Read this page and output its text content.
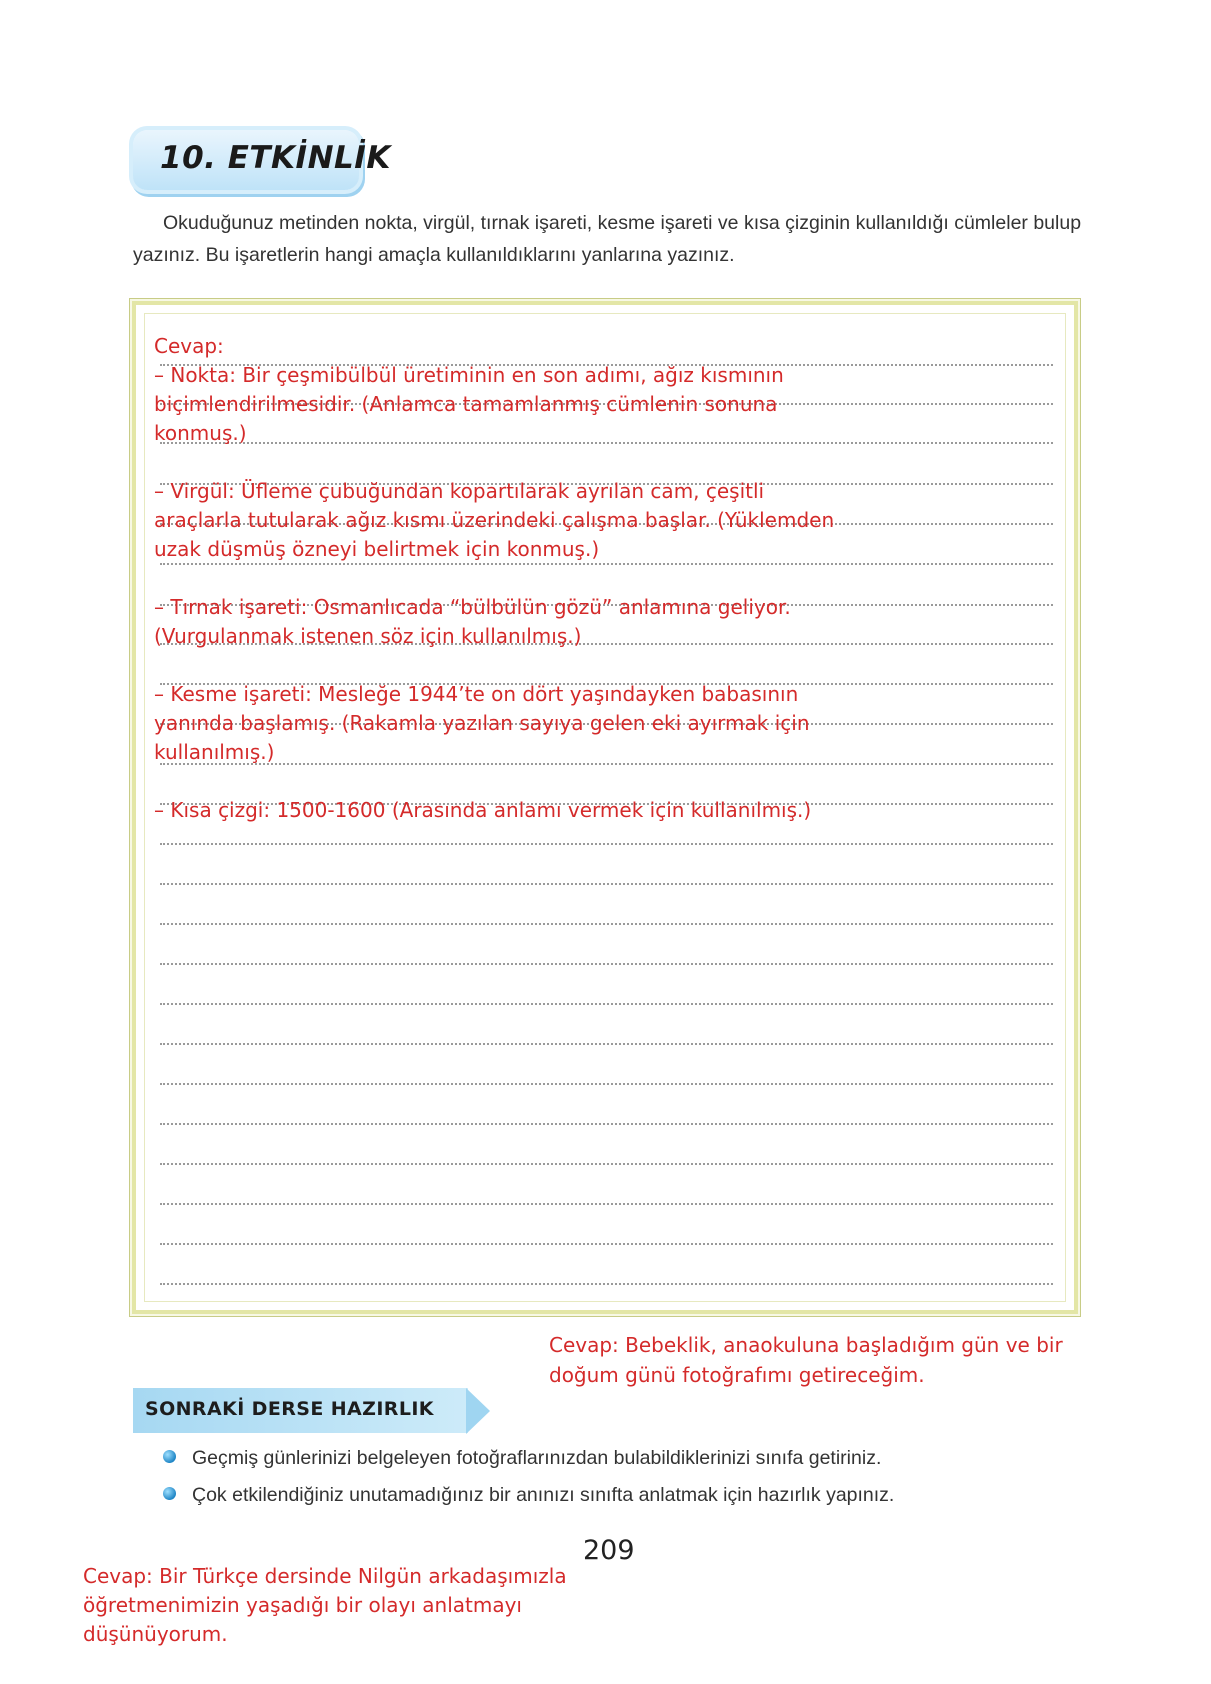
10. ETKİNLİK
Okuduğunuz metinden nokta, virgül, tırnak işareti, kesme işareti ve kısa çizginin kullanıldığı cümleler bulup yazınız. Bu işaretlerin hangi amaçla kullanıldıklarını yanlarına yazınız.

Cevap:

– Nokta: Bir çeşmibülbül üretiminin en son adımı, ağız kısmının

biçimlendirilmesidir. (Anlamca tamamlanmış cümlenin sonuna

konmuş.)

– Virgül: Üfleme çubuğundan kopartılarak ayrılan cam, çeşitli

araçlarla tutularak ağız kısmı üzerindeki çalışma başlar. (Yüklemden

uzak düşmüş özneyi belirtmek için konmuş.)

– Tırnak işareti: Osmanlıcada “bülbülün gözü” anlamına geliyor.

(Vurgulanmak istenen söz için kullanılmış.)

– Kesme işareti: Mesleğe 1944’te on dört yaşındayken babasının

yanında başlamış. (Rakamla yazılan sayıya gelen eki ayırmak için

kullanılmış.)

– Kısa çizgi: 1500-1600 (Arasında anlamı vermek için kullanılmış.)

Cevap: Bebeklik, anaokuluna başladığım gün ve bir

doğum günü fotoğrafımı getireceğim.

SONRAKİ DERSE HAZIRLIK
Geçmiş günlerinizi belgeleyen fotoğraflarınızdan bulabildiklerinizi sınıfa getiriniz.
Çok etkilendiğiniz unutamadığınız bir anınızı sınıfta anlatmak için hazırlık yapınız.
209

Cevap: Bir Türkçe dersinde Nilgün arkadaşımızla

öğretmenimizin yaşadığı bir olayı anlatmayı

düşünüyorum.
